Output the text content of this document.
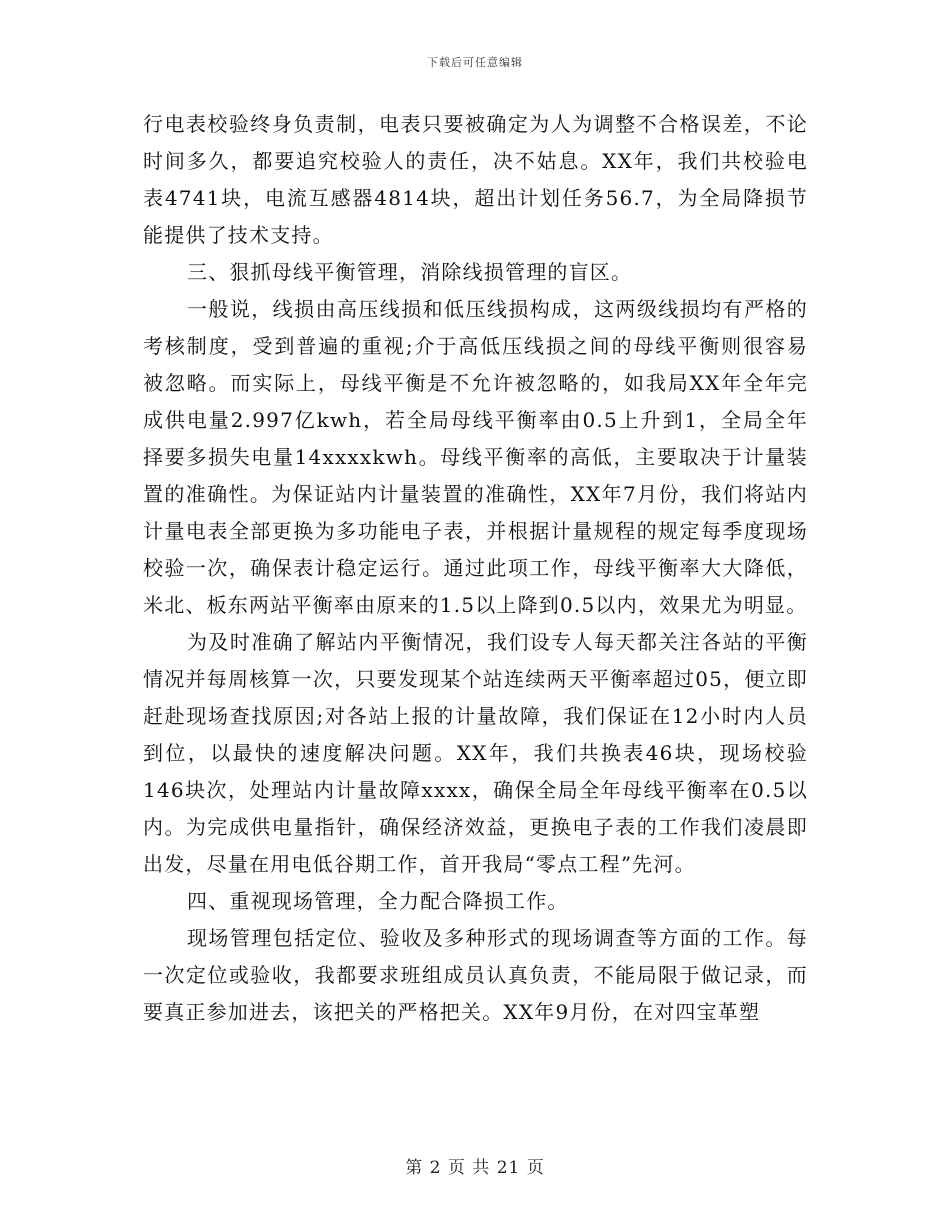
下载后可任意编辑

行电表校验终身负责制，电表只要被确定为人为调整不合格误差，不论时间多久，都要追究校验人的责任，决不姑息。XX年，我们共校验电表4741块，电流互感器4814块，超出计划任务56.7，为全局降损节能提供了技术支持。

三、狠抓母线平衡管理，消除线损管理的盲区。

一般说，线损由高压线损和低压线损构成，这两级线损均有严格的考核制度，受到普遍的重视;介于高低压线损之间的母线平衡则很容易被忽略。而实际上，母线平衡是不允许被忽略的，如我局XX年全年完成供电量2.997亿kwh，若全局母线平衡率由0.5上升到1，全局全年择要多损失电量14xxxxkwh。母线平衡率的高低，主要取决于计量装置的准确性。为保证站内计量装置的准确性，XX年7月份，我们将站内计量电表全部更换为多功能电子表，并根据计量规程的规定每季度现场校验一次，确保表计稳定运行。通过此项工作，母线平衡率大大降低，米北、板东两站平衡率由原来的1.5以上降到0.5以内，效果尤为明显。

为及时准确了解站内平衡情况，我们设专人每天都关注各站的平衡情况并每周核算一次，只要发现某个站连续两天平衡率超过05，便立即赶赴现场查找原因;对各站上报的计量故障，我们保证在12小时内人员到位，以最快的速度解决问题。XX年，我们共换表46块，现场校验146块次，处理站内计量故障xxxx，确保全局全年母线平衡率在0.5以内。为完成供电量指针，确保经济效益，更换电子表的工作我们凌晨即出发，尽量在用电低谷期工作，首开我局“零点工程”先河。

四、重视现场管理，全力配合降损工作。

现场管理包括定位、验收及多种形式的现场调查等方面的工作。每一次定位或验收，我都要求班组成员认真负责，不能局限于做记录，而要真正参加进去，该把关的严格把关。XX年9月份，在对四宝革塑

第 2 页 共 21 页
